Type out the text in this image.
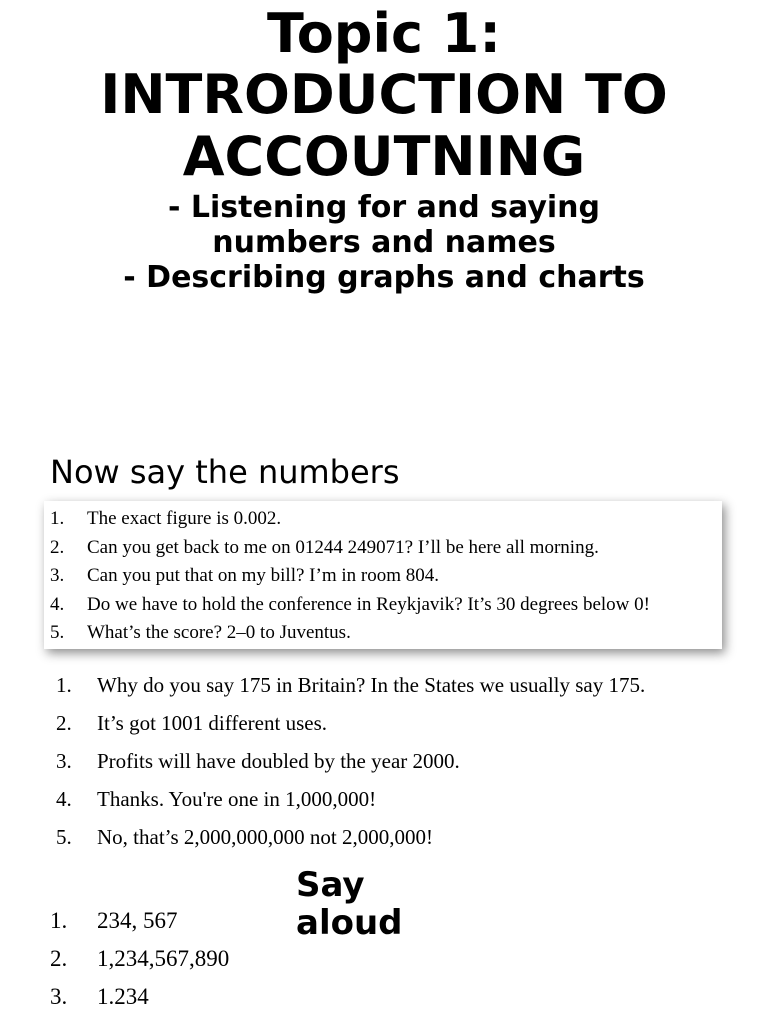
Topic 1:
INTRODUCTION TO
ACCOUTNING
- Listening for and saying
numbers and names
- Describing graphs and charts
Now say the numbers
1. The exact figure is 0.002.
2. Can you get back to me on 01244 249071? I’ll be here all morning.
3. Can you put that on my bill? I’m in room 804.
4. Do we have to hold the conference in Reykjavik? It’s 30 degrees below 0!
5. What’s the score? 2–0 to Juventus.
1. Why do you say 175 in Britain? In the States we usually say 175.
2. It’s got 1001 different uses.
3. Profits will have doubled by the year 2000.
4. Thanks. You're one in 1,000,000!
5. No, that’s 2,000,000,000 not 2,000,000!
Say
aloud
1. 234, 567
2. 1,234,567,890
3. 1.234
